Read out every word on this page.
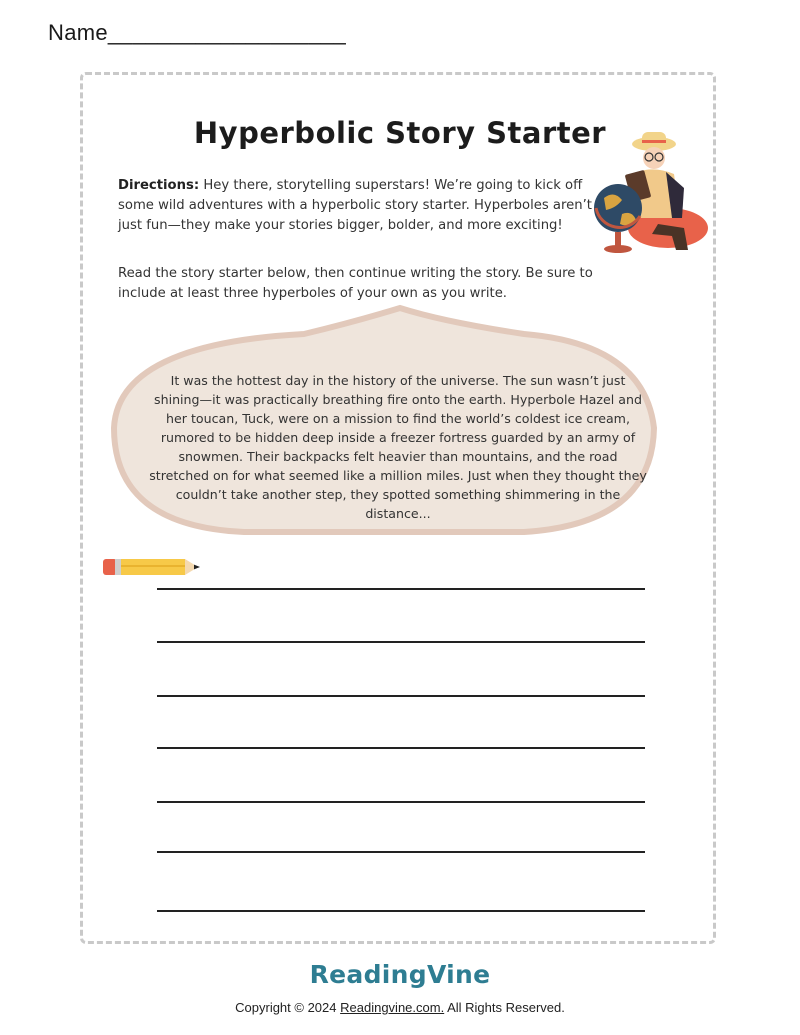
Name___________________
Hyperbolic Story Starter
Directions: Hey there, storytelling superstars! We’re going to kick off some wild adventures with a hyperbolic story starter. Hyperboles aren’t just fun—they make your stories bigger, bolder, and more exciting!
Read the story starter below, then continue writing the story. Be sure to include at least three hyperboles of your own as you write.
It was the hottest day in the history of the universe. The sun wasn’t just shining—it was practically breathing fire onto the earth. Hyperbole Hazel and her toucan, Tuck, were on a mission to find the world’s coldest ice cream, rumored to be hidden deep inside a freezer fortress guarded by an army of snowmen. Their backpacks felt heavier than mountains, and the road stretched on for what seemed like a million miles. Just when they thought they couldn’t take another step, they spotted something shimmering in the distance...
ReadingVine
Copyright © 2024 Readingvine.com. All Rights Reserved.
